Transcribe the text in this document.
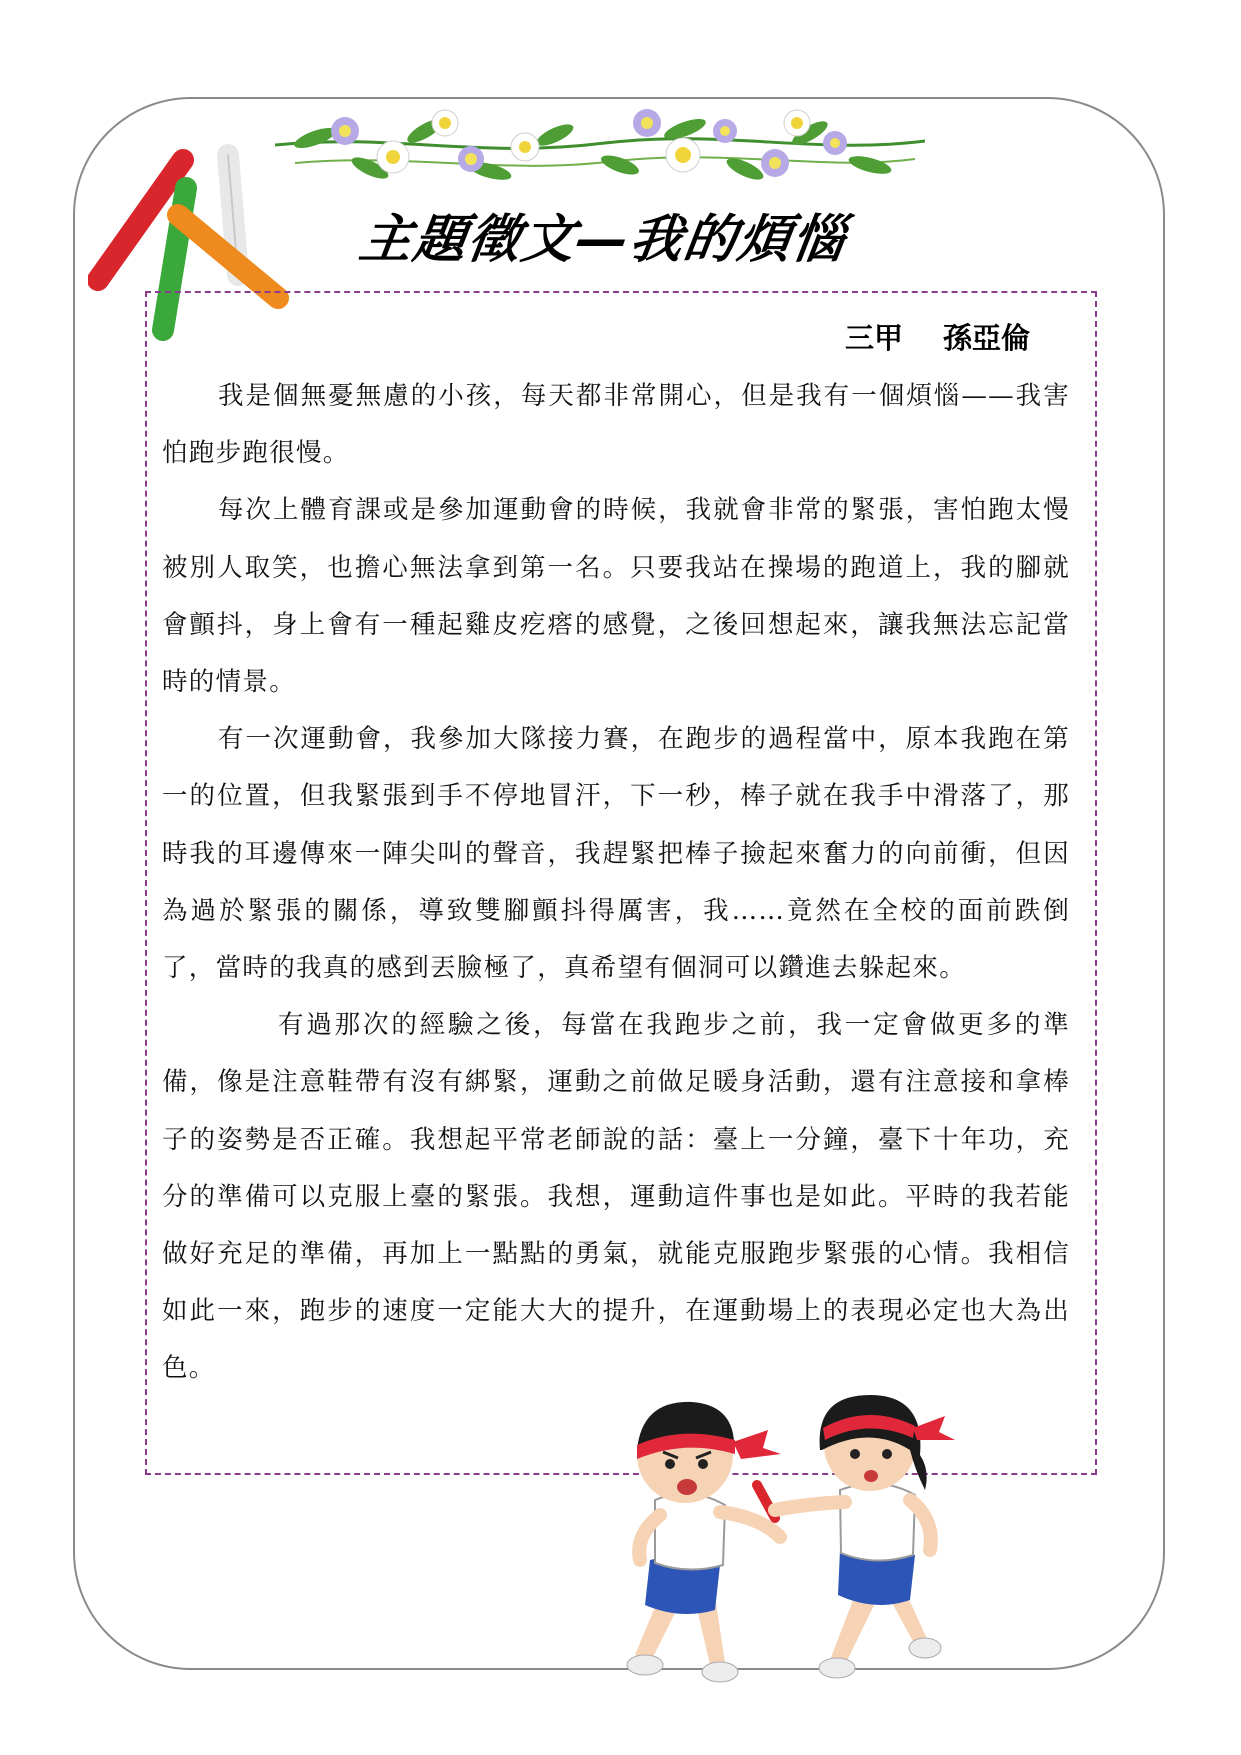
主題徵文—我的煩惱
三甲 孫亞倫

我是個無憂無慮的小孩，每天都非常開心，但是我有一個煩惱——我害怕跑步跑很慢。

每次上體育課或是參加運動會的時候，我就會非常的緊張，害怕跑太慢被別人取笑，也擔心無法拿到第一名。只要我站在操場的跑道上，我的腳就會顫抖，身上會有一種起雞皮疙瘩的感覺，之後回想起來，讓我無法忘記當時的情景。

有一次運動會，我參加大隊接力賽，在跑步的過程當中，原本我跑在第一的位置，但我緊張到手不停地冒汗，下一秒，棒子就在我手中滑落了，那時我的耳邊傳來一陣尖叫的聲音，我趕緊把棒子撿起來奮力的向前衝，但因為過於緊張的關係，導致雙腳顫抖得厲害，我……竟然在全校的面前跌倒了，當時的我真的感到丟臉極了，真希望有個洞可以鑽進去躲起來。

有過那次的經驗之後，每當在我跑步之前，我一定會做更多的準備，像是注意鞋帶有沒有綁緊，運動之前做足暖身活動，還有注意接和拿棒子的姿勢是否正確。我想起平常老師說的話：臺上一分鐘，臺下十年功，充分的準備可以克服上臺的緊張。我想，運動這件事也是如此。平時的我若能做好充足的準備，再加上一點點的勇氣，就能克服跑步緊張的心情。我相信如此一來，跑步的速度一定能大大的提升，在運動場上的表現必定也大為出色。
